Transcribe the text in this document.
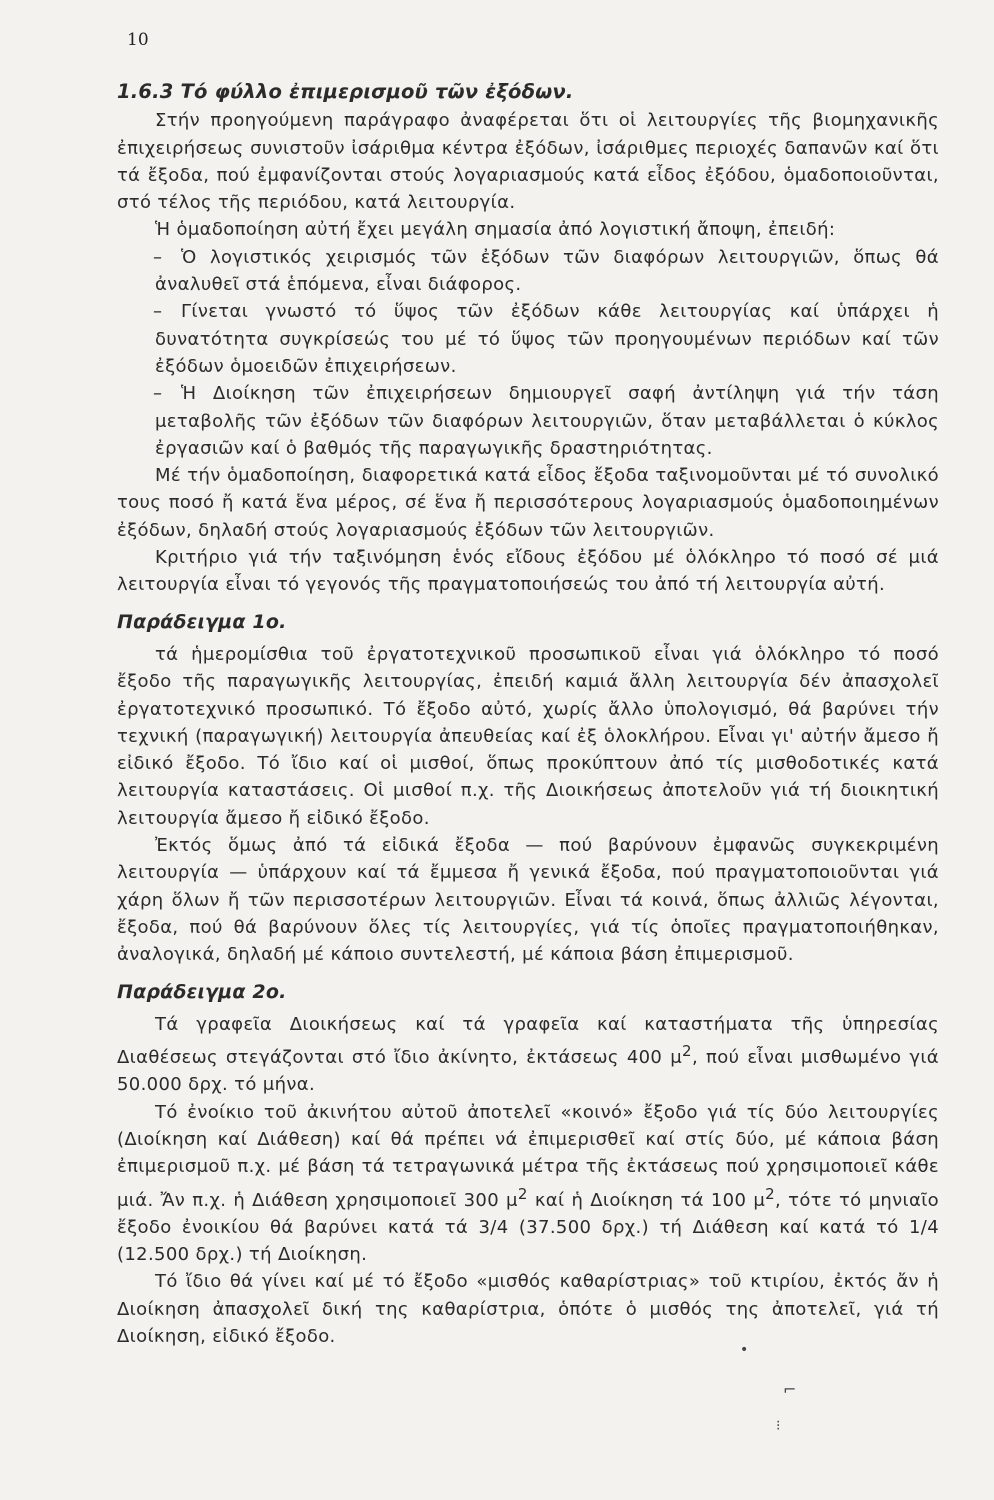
10
1.6.3 Τό φύλλο ἐπιμερισμοῦ τῶν ἐξόδων.

Στήν προηγούμενη παράγραφο ἀναφέρεται ὅτι οἱ λειτουργίες τῆς βιομηχανικῆς ἐπιχειρήσεως συνιστοῦν ἰσάριθμα κέντρα ἐξόδων, ἰσάριθμες περιοχές δαπανῶν καί ὅτι τά ἔξοδα, πού ἐμφανίζονται στούς λογαριασμούς κατά εἶδος ἐξόδου, ὁμαδοποιοῦνται, στό τέλος τῆς περιόδου, κατά λειτουργία.

Ἡ ὁμαδοποίηση αὐτή ἔχει μεγάλη σημασία ἀπό λογιστική ἄποψη, ἐπειδή:

–	Ὁ λογιστικός χειρισμός τῶν ἐξόδων τῶν διαφόρων λειτουργιῶν, ὅπως θά ἀναλυθεῖ στά ἑπόμενα, εἶναι διάφορος.
–	Γίνεται γνωστό τό ὕψος τῶν ἐξόδων κάθε λειτουργίας καί ὑπάρχει ἡ δυνατότητα συγκρίσεώς του μέ τό ὕψος τῶν προηγουμένων περιόδων καί τῶν ἐξόδων ὁμοειδῶν ἐπιχειρήσεων.
–	Ἡ Διοίκηση τῶν ἐπιχειρήσεων δημιουργεῖ σαφή ἀντίληψη γιά τήν τάση μεταβολῆς τῶν ἐξόδων τῶν διαφόρων λειτουργιῶν, ὅταν μεταβάλλεται ὁ κύκλος ἐργασιῶν καί ὁ βαθμός τῆς παραγωγικῆς δραστηριότητας.

Μέ τήν ὁμαδοποίηση, διαφορετικά κατά εἶδος ἔξοδα ταξινομοῦνται μέ τό συνολικό τους ποσό ἤ κατά ἕνα μέρος, σέ ἕνα ἤ περισσότερους λογαριασμούς ὁμαδοποιημένων ἐξόδων, δηλαδή στούς λογαριασμούς ἐξόδων τῶν λειτουργιῶν.

Κριτήριο γιά τήν ταξινόμηση ἑνός εἴδους ἐξόδου μέ ὁλόκληρο τό ποσό σέ μιά λειτουργία εἶναι τό γεγονός τῆς πραγματοποιήσεώς του ἀπό τή λειτουργία αὐτή.

Παράδειγμα 1ο.

τά ἡμερομίσθια τοῦ ἐργατοτεχνικοῦ προσωπικοῦ εἶναι γιά ὁλόκληρο τό ποσό ἔξοδο τῆς παραγωγικῆς λειτουργίας, ἐπειδή καμιά ἄλλη λειτουργία δέν ἀπασχολεῖ ἐργατοτεχνικό προσωπικό. Τό ἔξοδο αὐτό, χωρίς ἄλλο ὑπολογισμό, θά βαρύνει τήν τεχνική (παραγωγική) λειτουργία ἀπευθείας καί ἐξ ὁλοκλήρου. Εἶναι γι' αὐτήν ἄμεσο ἤ εἰδικό ἔξοδο. Τό ἴδιο καί οἱ μισθοί, ὅπως προκύπτουν ἀπό τίς μισθοδοτικές κατά λειτουργία καταστάσεις. Οἱ μισθοί π.χ. τῆς Διοικήσεως ἀποτελοῦν γιά τή διοικητική λειτουργία ἄμεσο ἤ εἰδικό ἔξοδο.

Ἐκτός ὅμως ἀπό τά εἰδικά ἔξοδα — πού βαρύνουν ἐμφανῶς συγκεκριμένη λειτουργία — ὑπάρχουν καί τά ἔμμεσα ἤ γενικά ἔξοδα, πού πραγματοποιοῦνται γιά χάρη ὅλων ἤ τῶν περισσοτέρων λειτουργιῶν. Εἶναι τά κοινά, ὅπως ἀλλιῶς λέγονται, ἔξοδα, πού θά βαρύνουν ὅλες τίς λειτουργίες, γιά τίς ὁποῖες πραγματοποιήθηκαν, ἀναλογικά, δηλαδή μέ κάποιο συντελεστή, μέ κάποια βάση ἐπιμερισμοῦ.

Παράδειγμα 2ο.

Τά γραφεῖα Διοικήσεως καί τά γραφεῖα καί καταστήματα τῆς ὑπηρεσίας Διαθέσεως στεγάζονται στό ἴδιο ἀκίνητο, ἐκτάσεως 400 $\mu^2$, πού εἶναι μισθωμένο γιά 50.000 δρχ. τό μήνα.

Τό ἐνοίκιο τοῦ ἀκινήτου αὐτοῦ ἀποτελεῖ «κοινό» ἔξοδο γιά τίς δύο λειτουργίες (Διοίκηση καί Διάθεση) καί θά πρέπει νά ἐπιμερισθεῖ καί στίς δύο, μέ κάποια βάση ἐπιμερισμοῦ π.χ. μέ βάση τά τετραγωνικά μέτρα τῆς ἐκτάσεως πού χρησιμοποιεῖ κάθε μιά. Ἄν π.χ. ἡ Διάθεση χρησιμοποιεῖ 300 $\mu^2$ καί ἡ Διοίκηση τά 100 $\mu^2$, τότε τό μηνιαῖο ἔξοδο ἐνοικίου θά βαρύνει κατά τά 3/4 (37.500 δρχ.) τή Διάθεση καί κατά τό 1/4 (12.500 δρχ.) τή Διοίκηση.

Τό ἴδιο θά γίνει καί μέ τό ἔξοδο «μισθός καθαρίστριας» τοῦ κτιρίου, ἐκτός ἄν ἡ Διοίκηση ἀπασχολεῖ δική της καθαρίστρια, ὁπότε ὁ μισθός της ἀποτελεῖ, γιά τή Διοίκηση, εἰδικό ἔξοδο.

•
⌐
⁝
